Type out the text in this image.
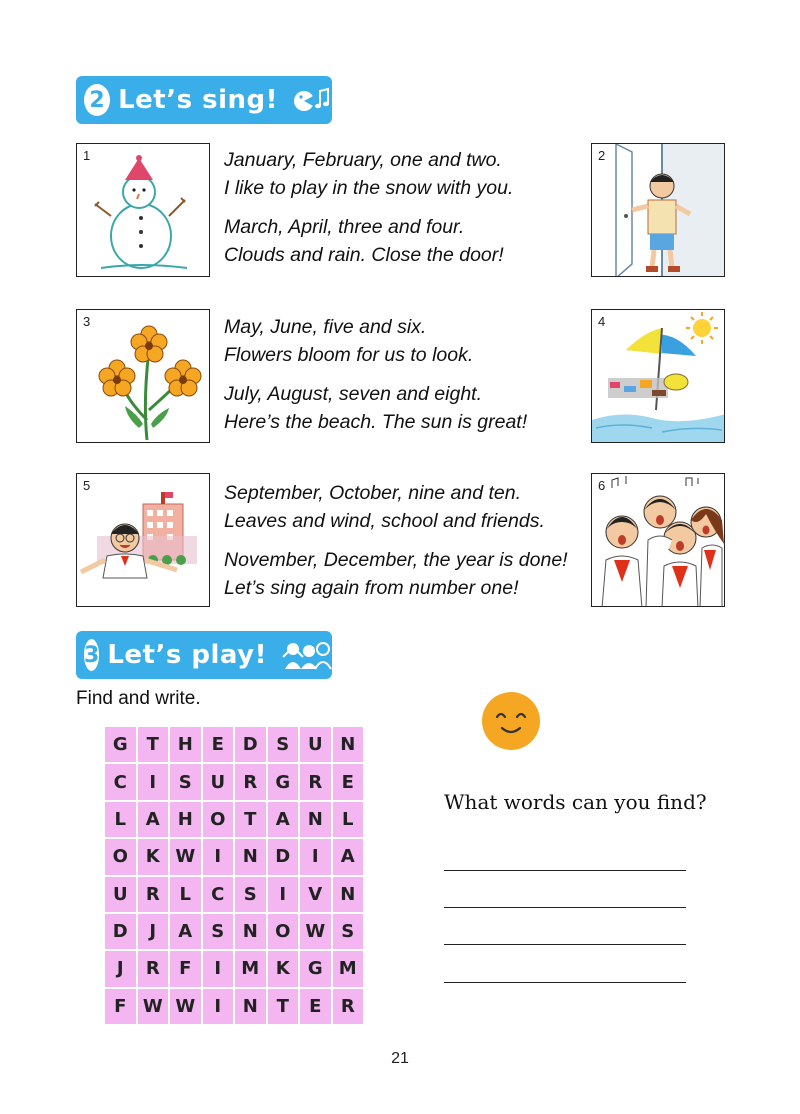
2 Let’s sing!
1	2

January, February, one and two.

I like to play in the snow with you.

March, April, three and four.

Clouds and rain. Close the door!

3	4

May, June, five and six.

Flowers bloom for us to look.

July, August, seven and eight.

Here’s the beach. The sun is great!

5	6

September, October, nine and ten.

Leaves and wind, school and friends.

November, December, the year is done!

Let’s sing again from number one!

3 Let’s play!
Find and write.
G	T	H	E	D	S	U N
C	I	S	U	R	G	R	E
L	A H O	T	A N	L
O K W	I	N D	I	A
U	R	L	C	S	I	V N
D	J	A	S	N O W S
J	R	F	I	M K	G M
F W W	I	N	T	E	R
What words can you find?
21
